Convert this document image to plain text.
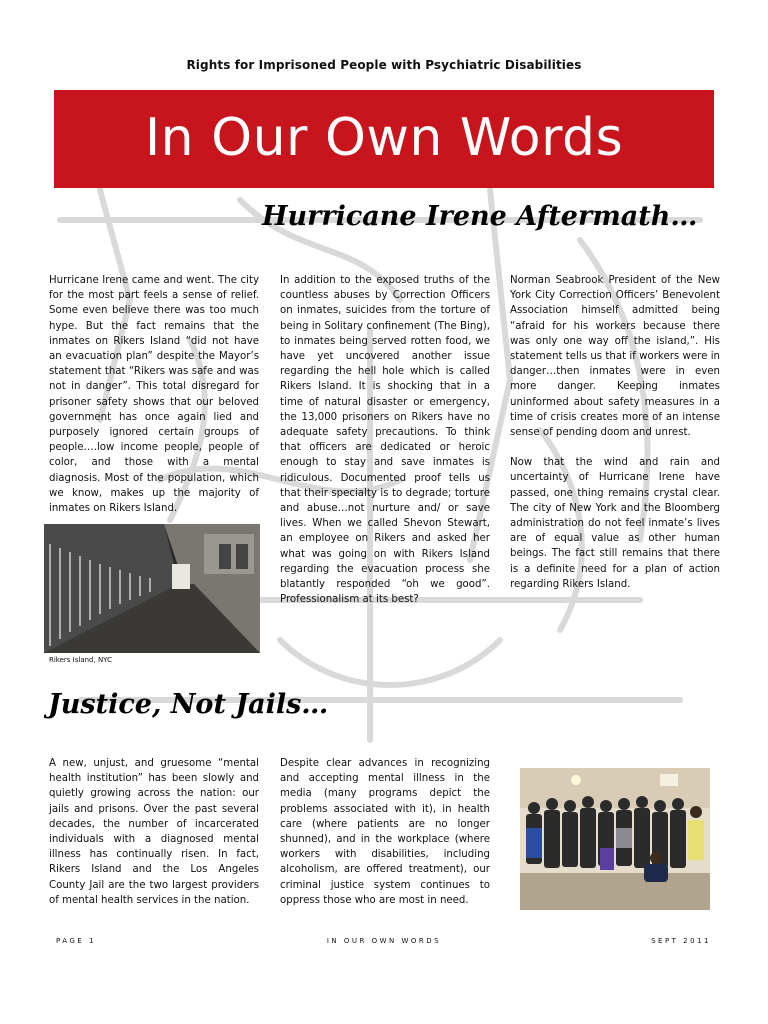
Rights for Imprisoned People with Psychiatric Disabilities
In Our Own Words
Hurricane Irene Aftermath…

Hurricane Irene came and went. The city for the most part feels a sense of relief. Some even believe there was too much hype. But the fact remains that the inmates on Rikers Island “did not have an evacuation plan” despite the Mayor’s statement that “Rikers was safe and was not in danger”. This total disregard for prisoner safety shows that our beloved government has once again lied and purposely ignored certain groups of people….low income people, people of color, and those with a mental diagnosis. Most of the population, which we know, makes up the majority of inmates on Rikers Island.

In addition to the exposed truths of the countless abuses by Correction Officers on inmates, suicides from the torture of being in Solitary confinement (The Bing), to inmates being served rotten food, we have yet uncovered another issue regarding the hell hole which is called Rikers Island. It is shocking that in a time of natural disaster or emergency, the 13,000 prisoners on Rikers have no adequate safety precautions. To think that officers are dedicated or heroic enough to stay and save inmates is ridiculous. Documented proof tells us that their specialty is to degrade; torture and abuse…not nurture and/ or save lives. When we called Shevon Stewart, an employee on Rikers and asked her what was going on with Rikers Island regarding the evacuation process she blatantly responded “oh we good”. Professionalism at its best?

Norman Seabrook President of the New York City Correction Officers’ Benevolent Association himself admitted being “afraid for his workers because there was only one way off the island,”. His statement tells us that if workers were in danger…then inmates were in even more danger. Keeping inmates uninformed about safety measures in a time of crisis creates more of an intense sense of pending doom and unrest.

Now that the wind and rain and uncertainty of Hurricane Irene have passed, one thing remains crystal clear. The city of New York and the Bloomberg administration do not feel inmate’s lives are of equal value as other human beings. The fact still remains that there is a definite need for a plan of action regarding Rikers Island.

Rikers Island, NYC
Justice, Not Jails…

A new, unjust, and gruesome “mental health institution” has been slowly and quietly growing across the nation: our jails and prisons. Over the past several decades, the number of incarcerated individuals with a diagnosed mental illness has continually risen. In fact, Rikers Island and the Los Angeles County Jail are the two largest providers of mental health services in the nation.

Despite clear advances in recognizing and accepting mental illness in the media (many programs depict the problems associated with it), in health care (where patients are no longer shunned), and in the workplace (where workers with disabilities, including alcoholism, are offered treatment), our criminal justice system continues to oppress those who are most in need.

PAGE 1	IN OUR OWN WORDS	SEPT 2011
